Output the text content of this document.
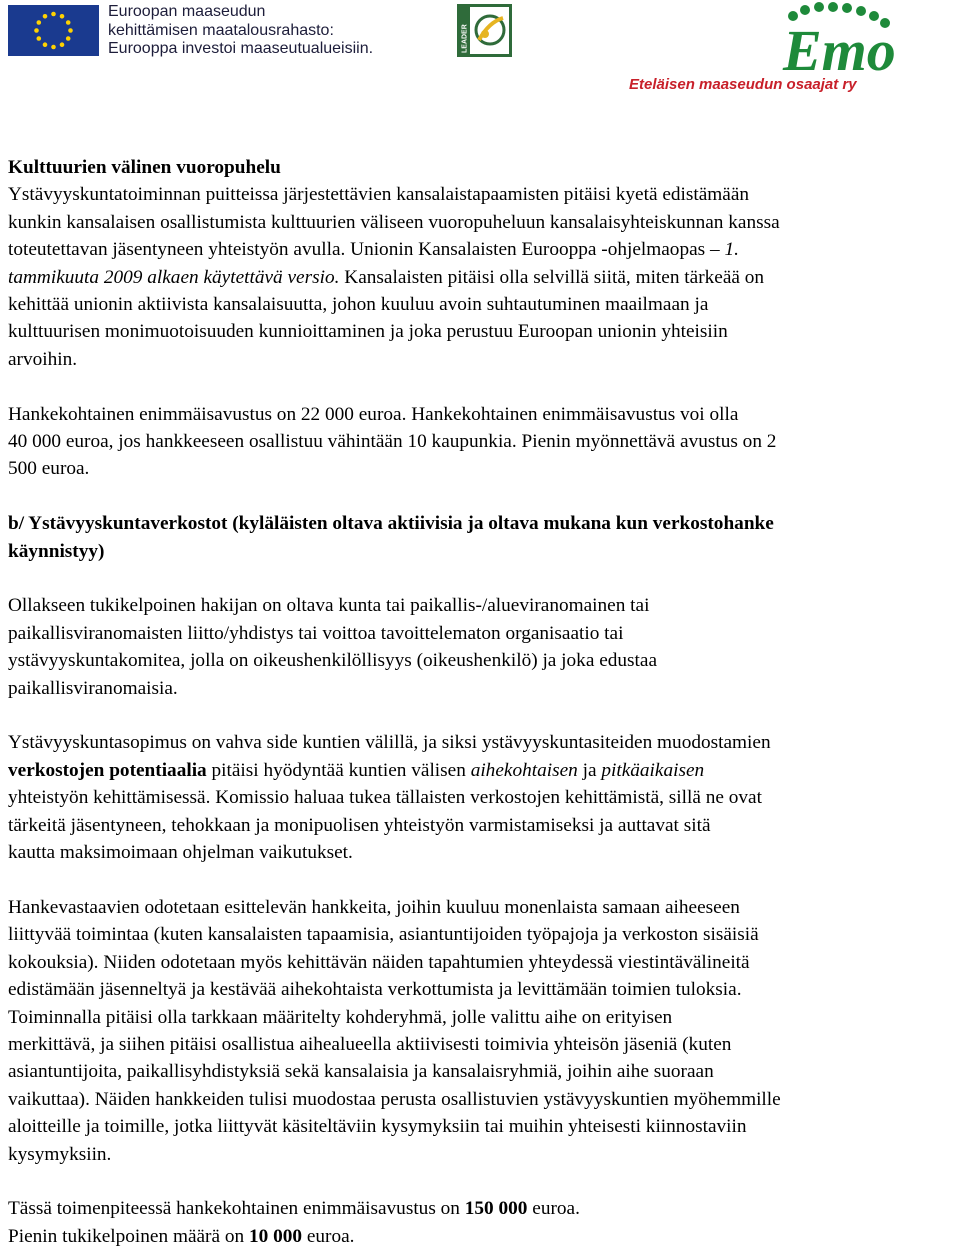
Euroopan maaseudun
kehittämisen maatalousrahasto:
Eurooppa investoi maaseutualueisiin.	LEADER	Emo
Eteläisen maaseudun osaajat ry

Kulttuurien välinen vuoropuhelu

Ystävyyskuntatoiminnan puitteissa järjestettävien kansalaistapaamisten pitäisi kyetä edistämään

kunkin kansalaisen osallistumista kulttuurien väliseen vuoropuheluun kansalaisyhteiskunnan kanssa

toteutettavan jäsentyneen yhteistyön avulla. Unionin Kansalaisten Eurooppa -ohjelmaopas – 1.

tammikuuta 2009 alkaen käytettävä versio. Kansalaisten pitäisi olla selvillä siitä, miten tärkeää on

kehittää unionin aktiivista kansalaisuutta, johon kuuluu avoin suhtautuminen maailmaan ja

kulttuurisen monimuotoisuuden kunnioittaminen ja joka perustuu Euroopan unionin yhteisiin

arvoihin.

Hankekohtainen enimmäisavustus on 22 000 euroa. Hankekohtainen enimmäisavustus voi olla

40 000 euroa, jos hankkeeseen osallistuu vähintään 10 kaupunkia. Pienin myönnettävä avustus on 2

500 euroa.

b/ Ystävyyskuntaverkostot (kyläläisten oltava aktiivisia ja oltava mukana kun verkostohanke

käynnistyy)

Ollakseen tukikelpoinen hakijan on oltava kunta tai paikallis-/alueviranomainen tai

paikallisviranomaisten liitto/yhdistys tai voittoa tavoittelematon organisaatio tai

ystävyyskuntakomitea, jolla on oikeushenkilöllisyys (oikeushenkilö) ja joka edustaa

paikallisviranomaisia.

Ystävyyskuntasopimus on vahva side kuntien välillä, ja siksi ystävyyskuntasiteiden muodostamien

verkostojen potentiaalia pitäisi hyödyntää kuntien välisen aihekohtaisen ja pitkäaikaisen

yhteistyön kehittämisessä. Komissio haluaa tukea tällaisten verkostojen kehittämistä, sillä ne ovat

tärkeitä jäsentyneen, tehokkaan ja monipuolisen yhteistyön varmistamiseksi ja auttavat sitä

kautta maksimoimaan ohjelman vaikutukset.

Hankevastaavien odotetaan esittelevän hankkeita, joihin kuuluu monenlaista samaan aiheeseen

liittyvää toimintaa (kuten kansalaisten tapaamisia, asiantuntijoiden työpajoja ja verkoston sisäisiä

kokouksia). Niiden odotetaan myös kehittävän näiden tapahtumien yhteydessä viestintävälineitä

edistämään jäsenneltyä ja kestävää aihekohtaista verkottumista ja levittämään toimien tuloksia.

Toiminnalla pitäisi olla tarkkaan määritelty kohderyhmä, jolle valittu aihe on erityisen

merkittävä, ja siihen pitäisi osallistua aihealueella aktiivisesti toimivia yhteisön jäseniä (kuten

asiantuntijoita, paikallisyhdistyksiä sekä kansalaisia ja kansalaisryhmiä, joihin aihe suoraan

vaikuttaa). Näiden hankkeiden tulisi muodostaa perusta osallistuvien ystävyyskuntien myöhemmille

aloitteille ja toimille, jotka liittyvät käsiteltäviin kysymyksiin tai muihin yhteisesti kiinnostaviin

kysymyksiin.

Tässä toimenpiteessä hankekohtainen enimmäisavustus on 150 000 euroa.

Pienin tukikelpoinen määrä on 10 000 euroa.
